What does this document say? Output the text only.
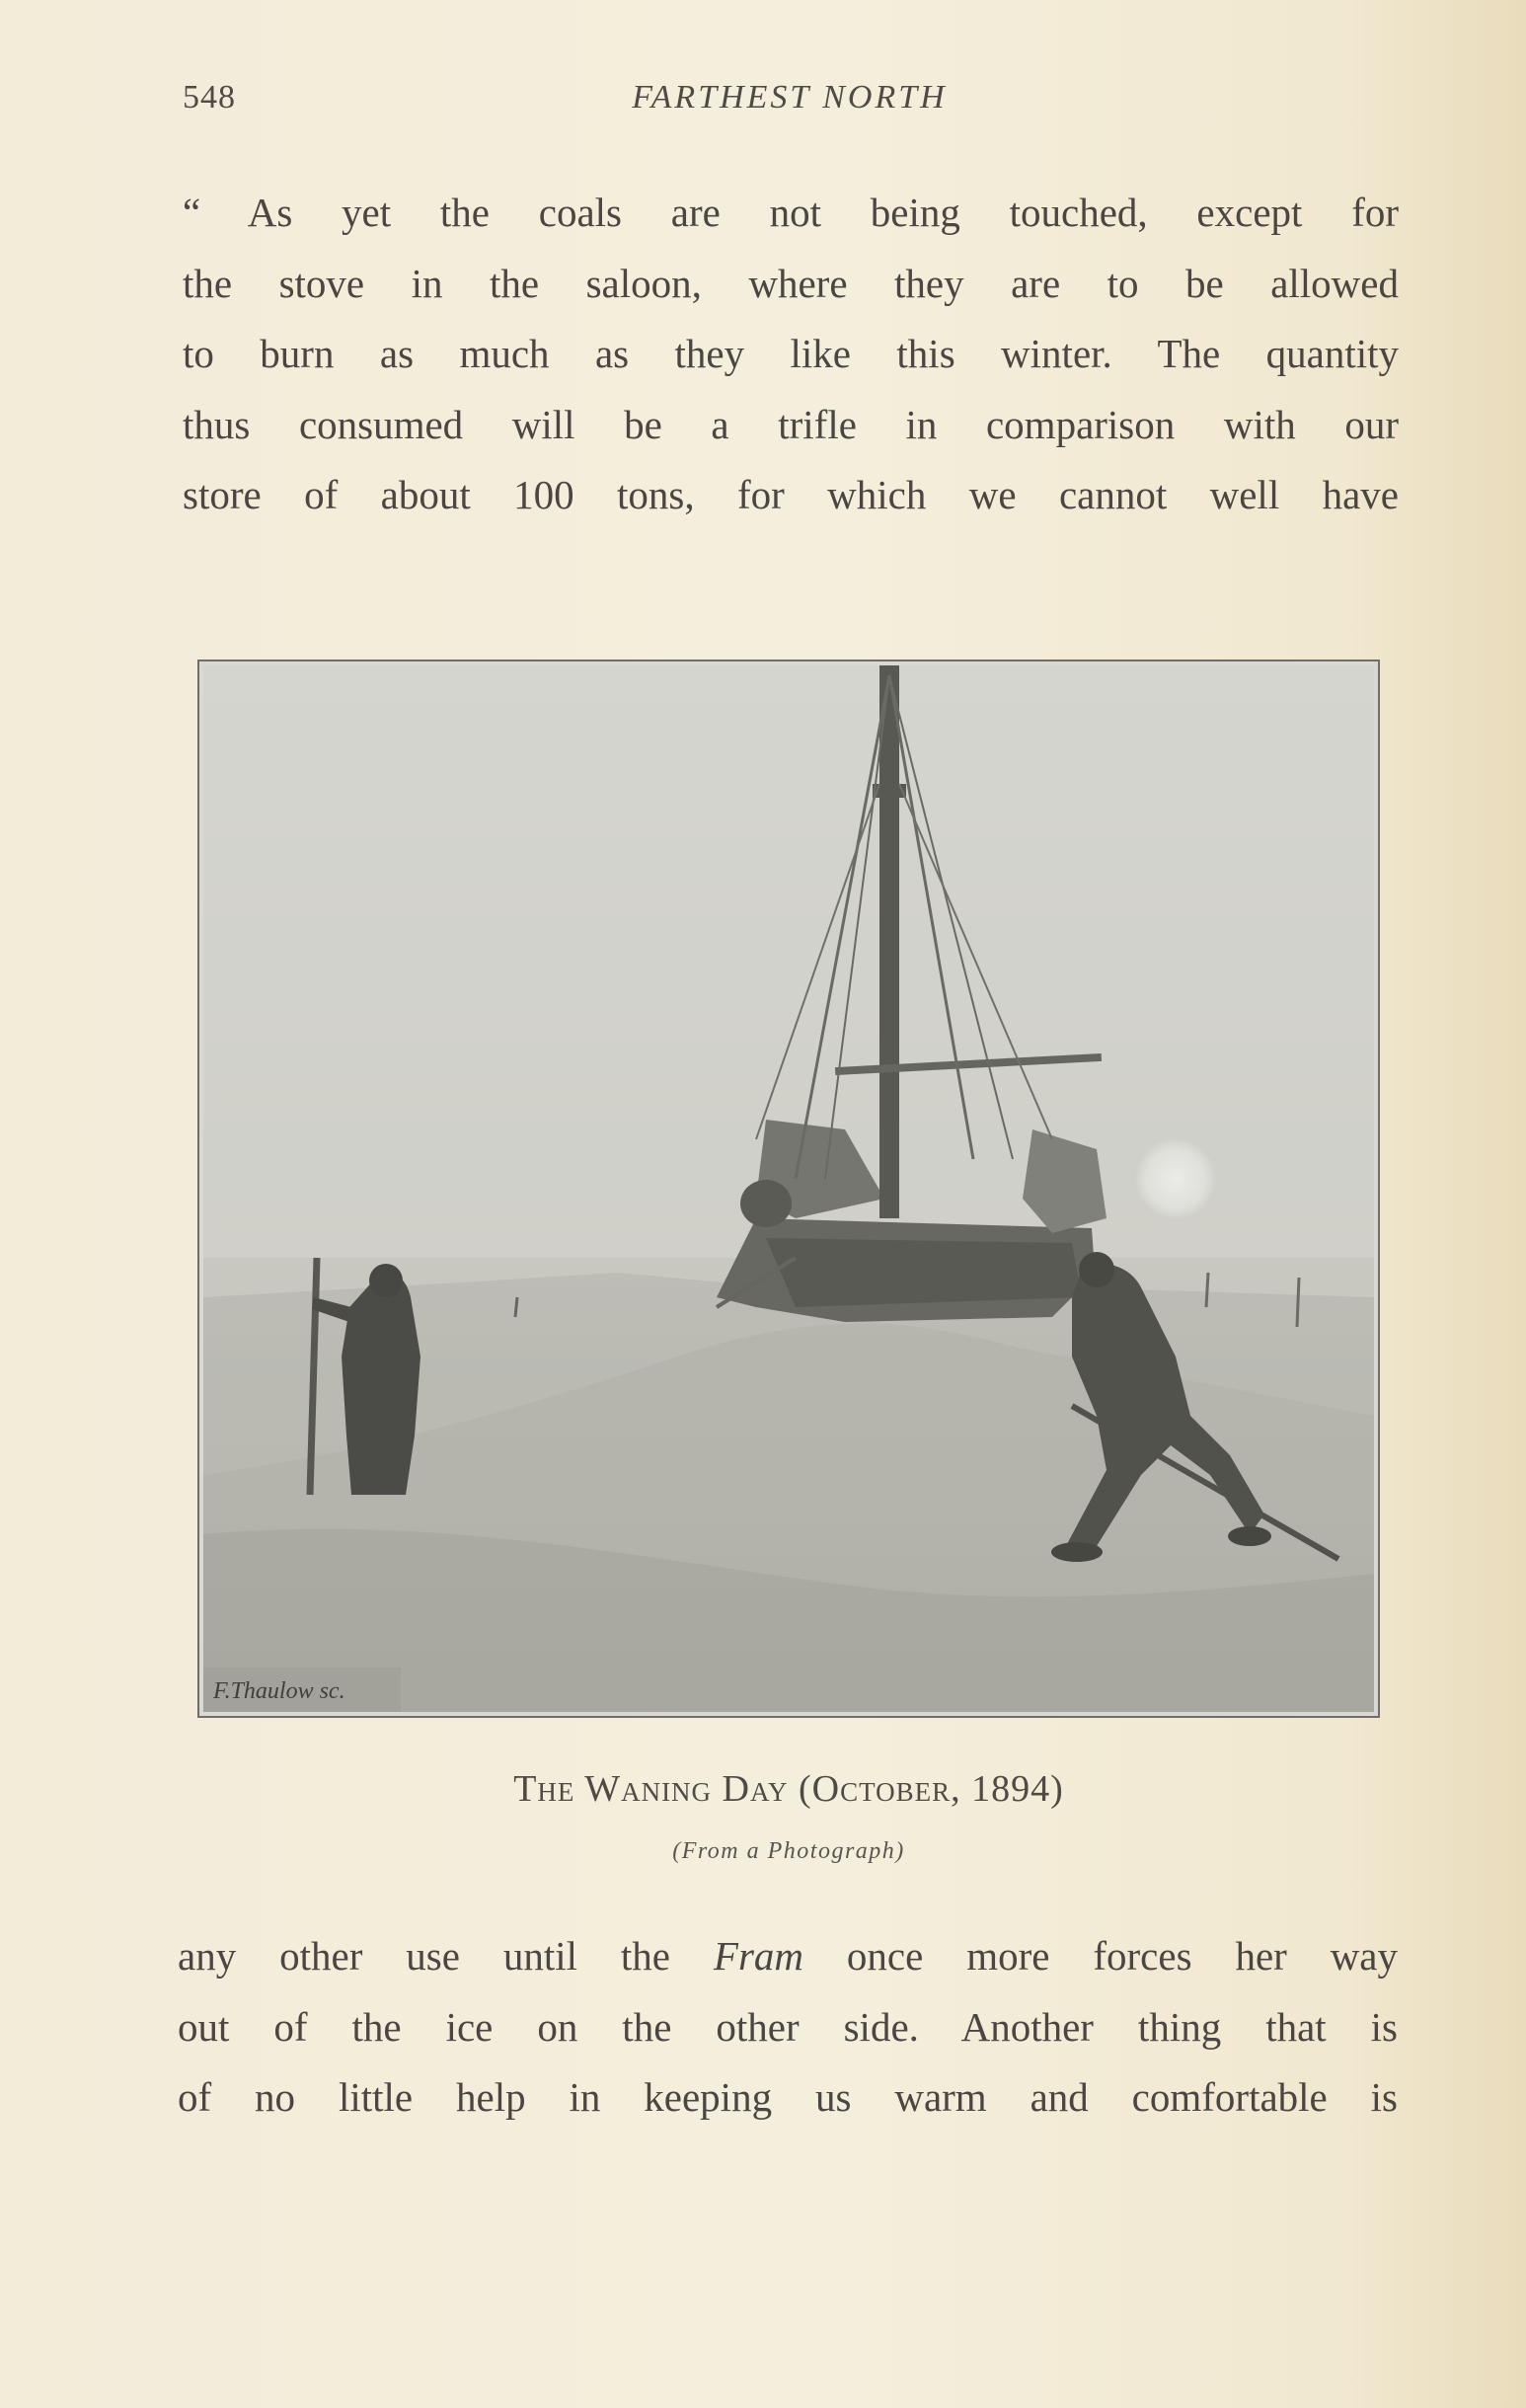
548	FARTHEST NORTH
“ As yet the coals are not being touched, except for
the stove in the saloon, where they are to be allowed
to burn as much as they like this winter. The quantity
thus consumed will be a trifle in comparison with our
store of about 100 tons, for which we cannot well have
F.Thaulow sc.
The Waning Day (October, 1894)
(From a Photograph)
any other use until the Fram once more forces her way
out of the ice on the other side. Another thing that is
of no little help in keeping us warm and comfortable is
